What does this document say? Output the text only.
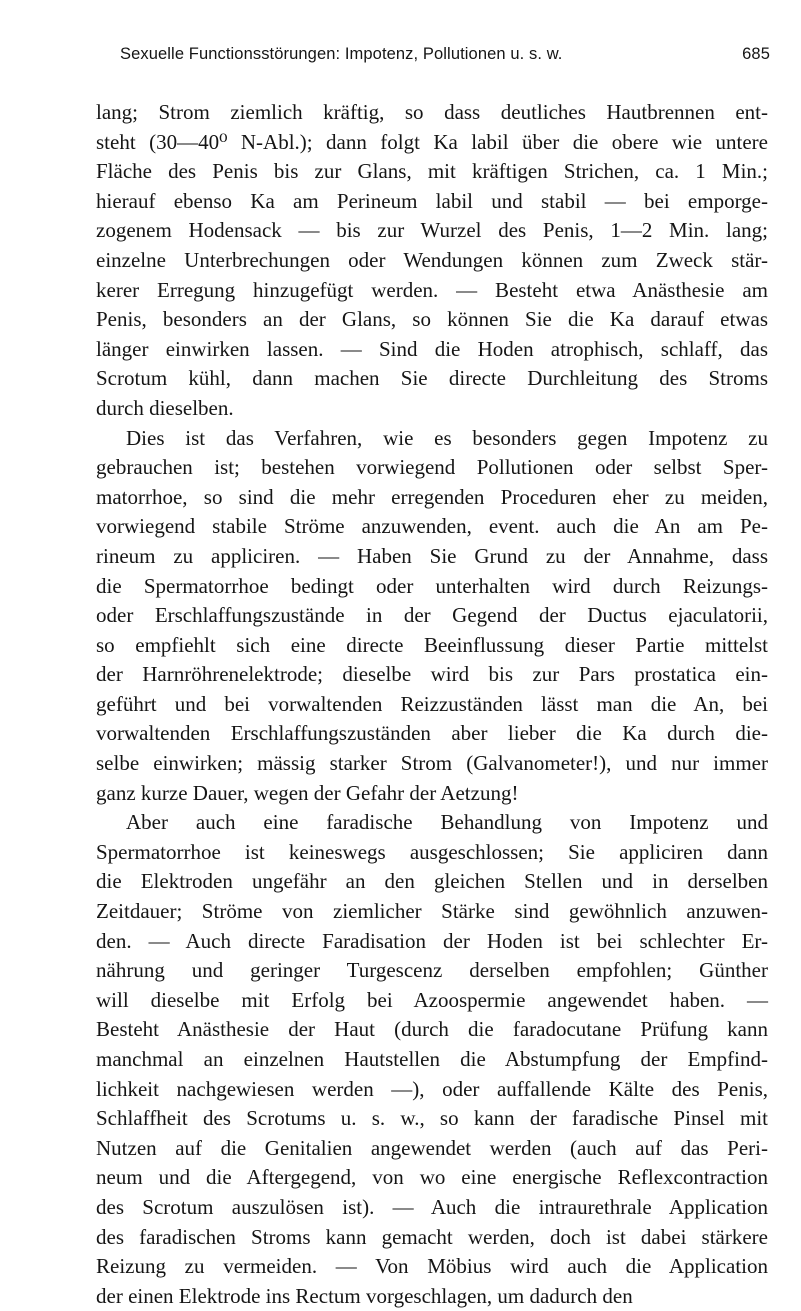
Sexuelle Functionsstörungen: Impotenz, Pollutionen u. s. w.	685
lang; Strom ziemlich kräftig, so dass deutliches Hautbrennen ent-
steht (30—40⁰ N-Abl.); dann folgt Ka labil über die obere wie untere
Fläche des Penis bis zur Glans, mit kräftigen Strichen, ca. 1 Min.;
hierauf ebenso Ka am Perineum labil und stabil — bei emporge-
zogenem Hodensack — bis zur Wurzel des Penis, 1—2 Min. lang;
einzelne Unterbrechungen oder Wendungen können zum Zweck stär-
kerer Erregung hinzugefügt werden. — Besteht etwa Anästhesie am
Penis, besonders an der Glans, so können Sie die Ka darauf etwas
länger einwirken lassen. — Sind die Hoden atrophisch, schlaff, das
Scrotum kühl, dann machen Sie directe Durchleitung des Stroms
durch dieselben.
Dies ist das Verfahren, wie es besonders gegen Impotenz zu
gebrauchen ist; bestehen vorwiegend Pollutionen oder selbst Sper-
matorrhoe, so sind die mehr erregenden Proceduren eher zu meiden,
vorwiegend stabile Ströme anzuwenden, event. auch die An am Pe-
rineum zu appliciren. — Haben Sie Grund zu der Annahme, dass
die Spermatorrhoe bedingt oder unterhalten wird durch Reizungs-
oder Erschlaffungszustände in der Gegend der Ductus ejaculatorii,
so empfiehlt sich eine directe Beeinflussung dieser Partie mittelst
der Harnröhrenelektrode; dieselbe wird bis zur Pars prostatica ein-
geführt und bei vorwaltenden Reizzuständen lässt man die An, bei
vorwaltenden Erschlaffungszuständen aber lieber die Ka durch die-
selbe einwirken; mässig starker Strom (Galvanometer!), und nur immer
ganz kurze Dauer, wegen der Gefahr der Aetzung!
Aber auch eine faradische Behandlung von Impotenz und
Spermatorrhoe ist keineswegs ausgeschlossen; Sie appliciren dann
die Elektroden ungefähr an den gleichen Stellen und in derselben
Zeitdauer; Ströme von ziemlicher Stärke sind gewöhnlich anzuwen-
den. — Auch directe Faradisation der Hoden ist bei schlechter Er-
nährung und geringer Turgescenz derselben empfohlen; Günther
will dieselbe mit Erfolg bei Azoospermie angewendet haben. —
Besteht Anästhesie der Haut (durch die faradocutane Prüfung kann
manchmal an einzelnen Hautstellen die Abstumpfung der Empfind-
lichkeit nachgewiesen werden —), oder auffallende Kälte des Penis,
Schlaffheit des Scrotums u. s. w., so kann der faradische Pinsel mit
Nutzen auf die Genitalien angewendet werden (auch auf das Peri-
neum und die Aftergegend, von wo eine energische Reflexcontraction
des Scrotum auszulösen ist). — Auch die intraurethrale Application
des faradischen Stroms kann gemacht werden, doch ist dabei stärkere
Reizung zu vermeiden. — Von Möbius wird auch die Application
der einen Elektrode ins Rectum vorgeschlagen, um dadurch den
